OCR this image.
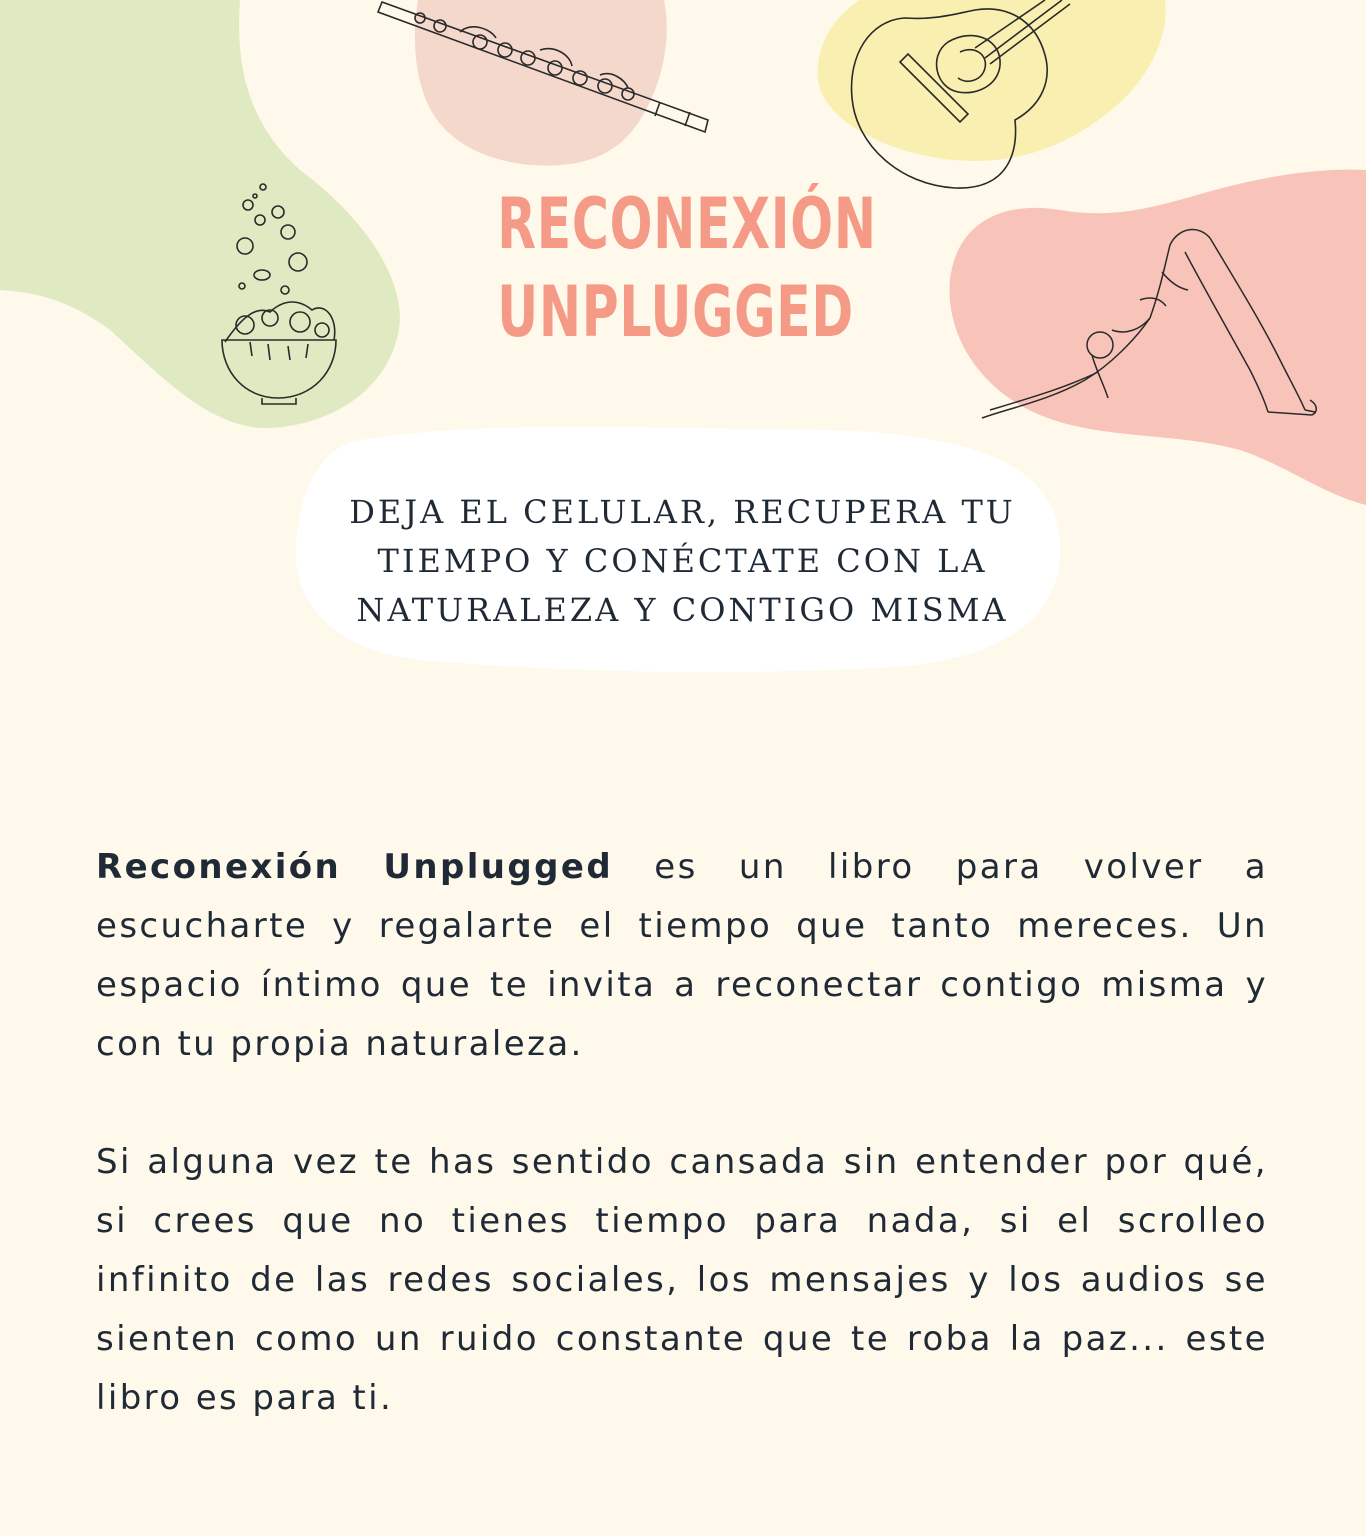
RECONEXIÓN
UNPLUGGED
DEJA EL CELULAR, RECUPERA TU TIEMPO Y CONÉCTATE CON LA NATURALEZA Y CONTIGO MISMA

Reconexión Unplugged es un libro para volver a escucharte y regalarte el tiempo que tanto mereces. Un espacio íntimo que te invita a reconectar contigo misma y con tu propia naturaleza.

Si alguna vez te has sentido cansada sin entender por qué, si crees que no tienes tiempo para nada, si el scrolleo infinito de las redes sociales, los mensajes y los audios se sienten como un ruido constante que te roba la paz... este libro es para ti.
